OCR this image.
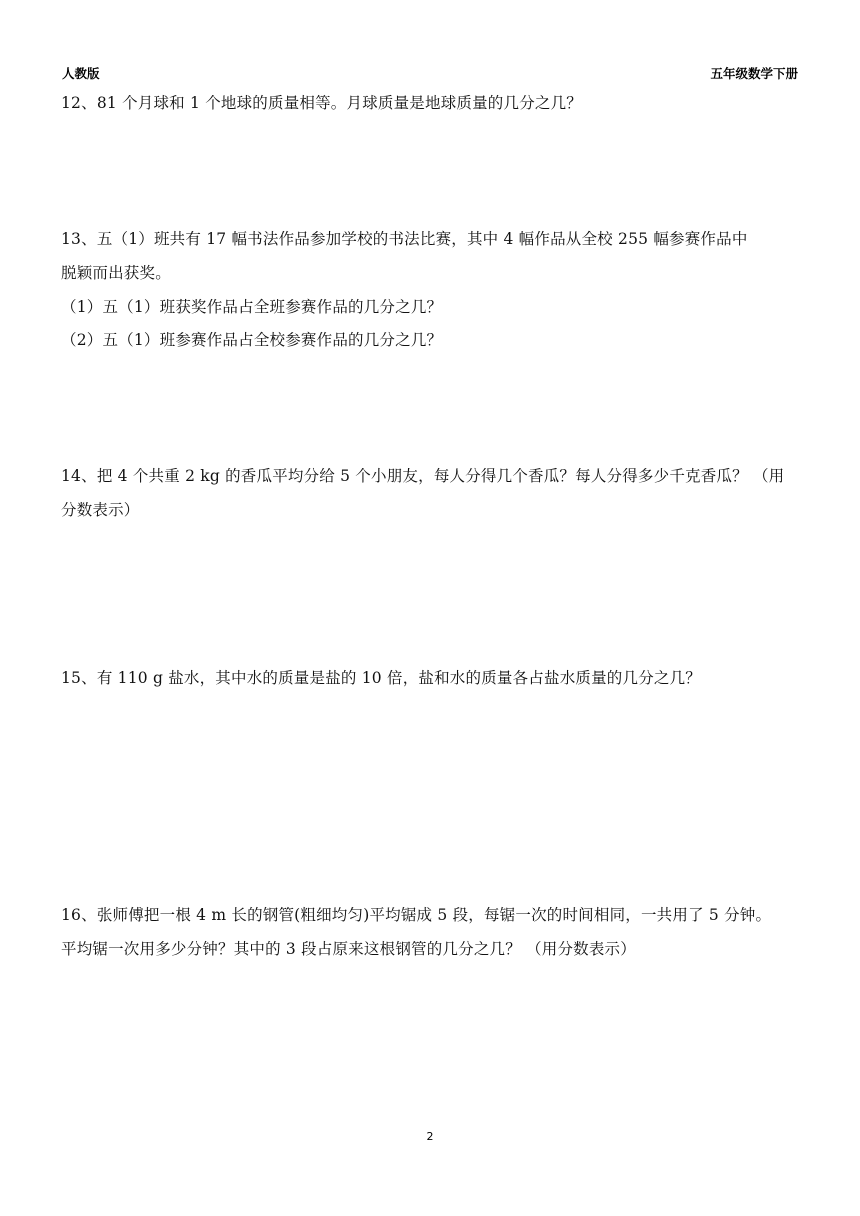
人教版	五年级数学下册
12、81 个月球和 1 个地球的质量相等。月球质量是地球质量的几分之几？
13、五（1）班共有 17 幅书法作品参加学校的书法比赛，其中 4 幅作品从全校 255 幅参赛作品中
脱颖而出获奖。
（1）五（1）班获奖作品占全班参赛作品的几分之几？
（2）五（1）班参赛作品占全校参赛作品的几分之几？
14、把 4 个共重 2 kg 的香瓜平均分给 5 个小朋友，每人分得几个香瓜？每人分得多少千克香瓜？ （用
分数表示）
15、有 110 g 盐水，其中水的质量是盐的 10 倍，盐和水的质量各占盐水质量的几分之几？
16、张师傅把一根 4 m 长的钢管(粗细均匀)平均锯成 5 段，每锯一次的时间相同，一共用了 5 分钟。
平均锯一次用多少分钟？其中的 3 段占原来这根钢管的几分之几？ （用分数表示）
2
